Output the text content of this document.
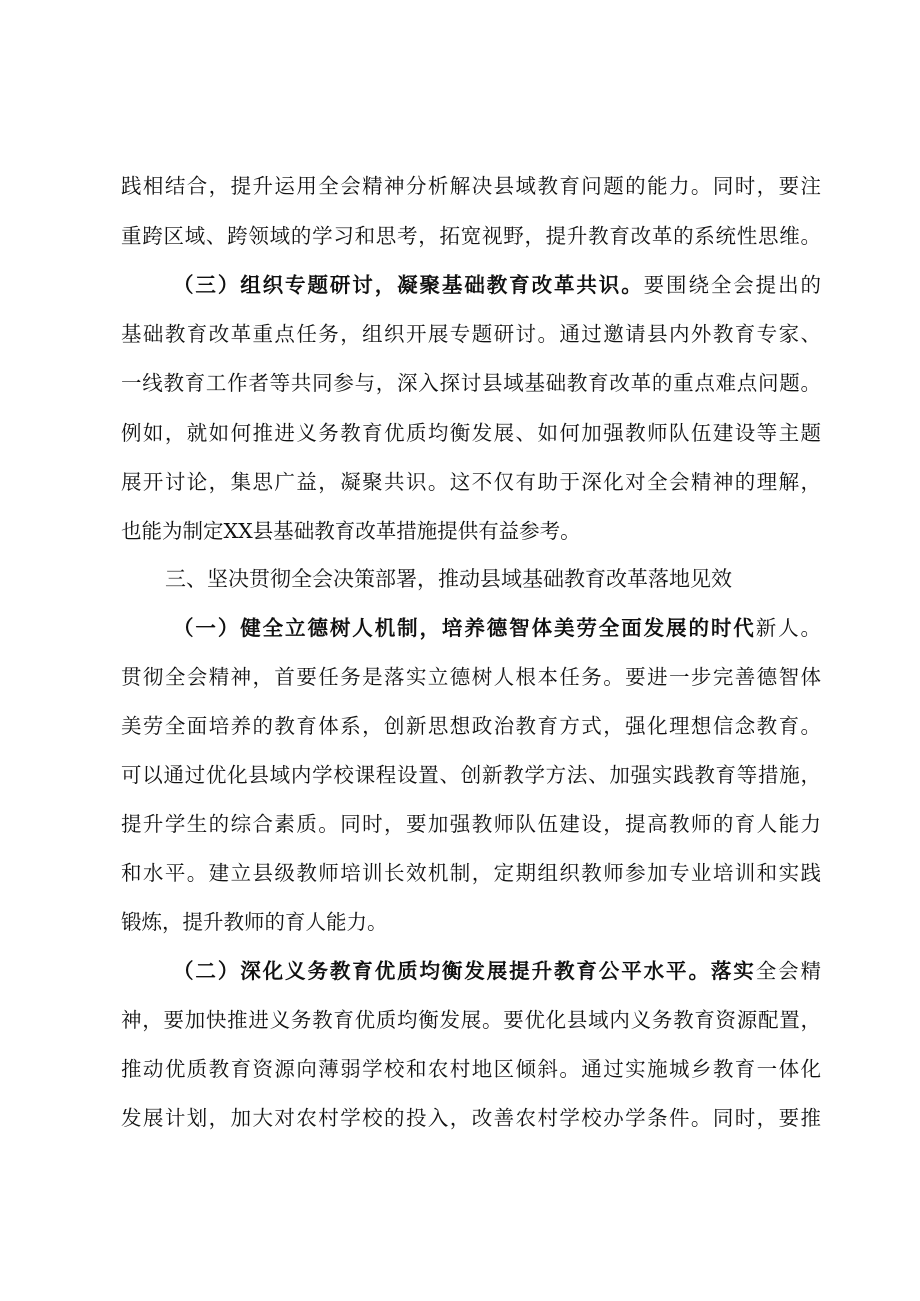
践相结合，提升运用全会精神分析解决县域教育问题的能力。同时，要注
重跨区域、跨领域的学习和思考，拓宽视野，提升教育改革的系统性思维。
（三）组织专题研讨，凝聚基础教育改革共识。要围绕全会提出的
基础教育改革重点任务，组织开展专题研讨。通过邀请县内外教育专家、
一线教育工作者等共同参与，深入探讨县域基础教育改革的重点难点问题。
例如，就如何推进义务教育优质均衡发展、如何加强教师队伍建设等主题
展开讨论，集思广益，凝聚共识。这不仅有助于深化对全会精神的理解，
也能为制定XX县基础教育改革措施提供有益参考。
三、坚决贯彻全会决策部署，推动县域基础教育改革落地见效
（一）健全立德树人机制，培养德智体美劳全面发展的时代新人。
贯彻全会精神，首要任务是落实立德树人根本任务。要进一步完善德智体
美劳全面培养的教育体系，创新思想政治教育方式，强化理想信念教育。
可以通过优化县域内学校课程设置、创新教学方法、加强实践教育等措施，
提升学生的综合素质。同时，要加强教师队伍建设，提高教师的育人能力
和水平。建立县级教师培训长效机制，定期组织教师参加专业培训和实践
锻炼，提升教师的育人能力。
（二）深化义务教育优质均衡发展提升教育公平水平。落实全会精
神，要加快推进义务教育优质均衡发展。要优化县域内义务教育资源配置，
推动优质教育资源向薄弱学校和农村地区倾斜。通过实施城乡教育一体化
发展计划，加大对农村学校的投入，改善农村学校办学条件。同时，要推
